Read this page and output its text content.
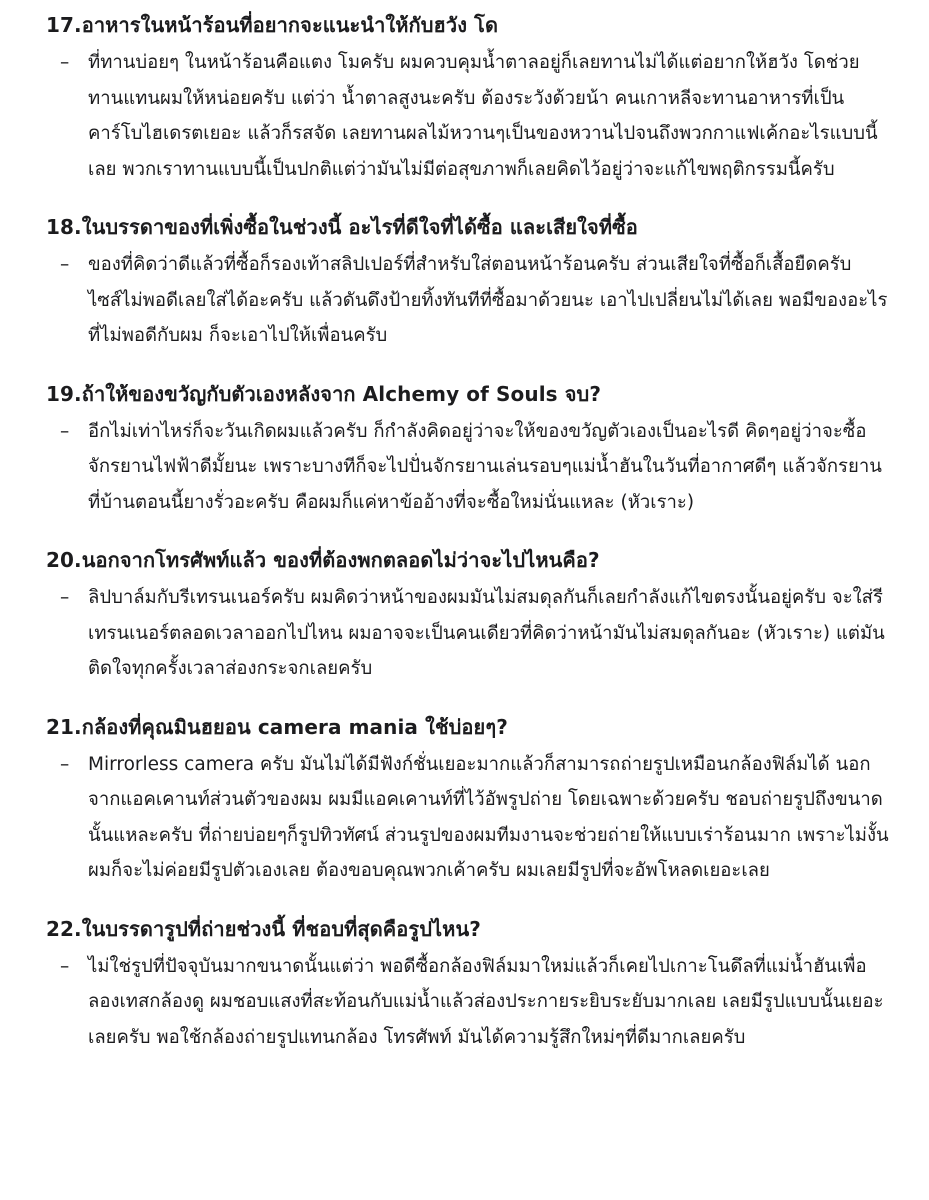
17.อาหารในหน้าร้อนที่อยากจะแนะนำให้กับฮวัง โด
– ที่ทานบ่อยๆ ในหน้าร้อนคือแตง โมครับ ผมควบคุมน้ำตาลอยู่ก็เลยทานไม่ได้แต่อยากให้ฮวัง โดช่วยทานแทนผมให้หน่อยครับ แต่ว่า น้ำตาลสูงนะครับ ต้องระวังด้วยน้า คนเกาหลีจะทานอาหารที่เป็นคาร์โบไฮเดรตเยอะ แล้วก็รสจัด เลยทานผลไม้หวานๆเป็นของหวานไปจนถึงพวกกาแฟเค้กอะไรแบบนี้เลย พวกเราทานแบบนี้เป็นปกติแต่ว่ามันไม่มีต่อสุขภาพก็เลยคิดไว้อยู่ว่าจะแก้ไขพฤติกรรมนี้ครับ
18.ในบรรดาของที่เพิ่งซื้อในช่วงนี้ อะไรที่ดีใจที่ได้ซื้อ และเสียใจที่ซื้อ
– ของที่คิดว่าดีแล้วที่ซื้อก็รองเท้าสลิปเปอร์ที่สำหรับใส่ตอนหน้าร้อนครับ ส่วนเสียใจที่ซื้อก็เสื้อยืดครับ ไซส์ไม่พอดีเลยใส่ได้อะครับ แล้วดันดึงป้ายทิ้งทันทีที่ซื้อมาด้วยนะ เอาไปเปลี่ยนไม่ได้เลย พอมีของอะไรที่ไม่พอดีกับผม ก็จะเอาไปให้เพื่อนครับ
19.ถ้าให้ของขวัญกับตัวเองหลังจาก Alchemy of Souls จบ?
– อีกไม่เท่าไหร่ก็จะวันเกิดผมแล้วครับ ก็กำลังคิดอยู่ว่าจะให้ของขวัญตัวเองเป็นอะไรดี คิดๆอยู่ว่าจะซื้อจักรยานไฟฟ้าดีมั้ยนะ เพราะบางทีก็จะไปปั่นจักรยานเล่นรอบๆแม่น้ำฮันในวันที่อากาศดีๆ แล้วจักรยานที่บ้านตอนนี้ยางรั่วอะครับ คือผมก็แค่หาข้ออ้างที่จะซื้อใหม่นั่นแหละ (หัวเราะ)
20.นอกจากโทรศัพท์แล้ว ของที่ต้องพกตลอดไม่ว่าจะไปไหนคือ?
– ลิปบาล์มกับรีเทรนเนอร์ครับ ผมคิดว่าหน้าของผมมันไม่สมดุลกันก็เลยกำลังแก้ไขตรงนั้นอยู่ครับ จะใส่รีเทรนเนอร์ตลอดเวลาออกไปไหน ผมอาจจะเป็นคนเดียวที่คิดว่าหน้ามันไม่สมดุลกันอะ (หัวเราะ) แต่มันติดใจทุกครั้งเวลาส่องกระจกเลยครับ
21.กล้องที่คุณมินฮยอน camera mania ใช้บ่อยๆ?
– Mirrorless camera ครับ มันไม่ได้มีฟังก์ชั่นเยอะมากแล้วก็สามารถถ่ายรูปเหมือนกล้องฟิล์มได้ นอกจากแอคเคานท์ส่วนตัวของผม ผมมีแอคเคานท์ที่ไว้อัพรูปถ่าย โดยเฉพาะด้วยครับ ชอบถ่ายรูปถึงขนาดนั้นแหละครับ ที่ถ่ายบ่อยๆก็รูปทิวทัศน์ ส่วนรูปของผมทีมงานจะช่วยถ่ายให้แบบเร่าร้อนมาก เพราะไม่งั้นผมก็จะไม่ค่อยมีรูปตัวเองเลย ต้องขอบคุณพวกเค้าครับ ผมเลยมีรูปที่จะอัพโหลดเยอะเลย
22.ในบรรดารูปที่ถ่ายช่วงนี้ ที่ชอบที่สุดคือรูปไหน?
– ไม่ใช่รูปที่ปัจจุบันมากขนาดนั้นแต่ว่า พอดีซื้อกล้องฟิล์มมาใหม่แล้วก็เคยไปเกาะโนดึลที่แม่น้ำฮันเพื่อลองเทสกล้องดู ผมชอบแสงที่สะท้อนกับแม่น้ำแล้วส่องประกายระยิบระยับมากเลย เลยมีรูปแบบนั้นเยอะเลยครับ พอใช้กล้องถ่ายรูปแทนกล้อง โทรศัพท์ มันได้ความรู้สึกใหม่ๆที่ดีมากเลยครับ
